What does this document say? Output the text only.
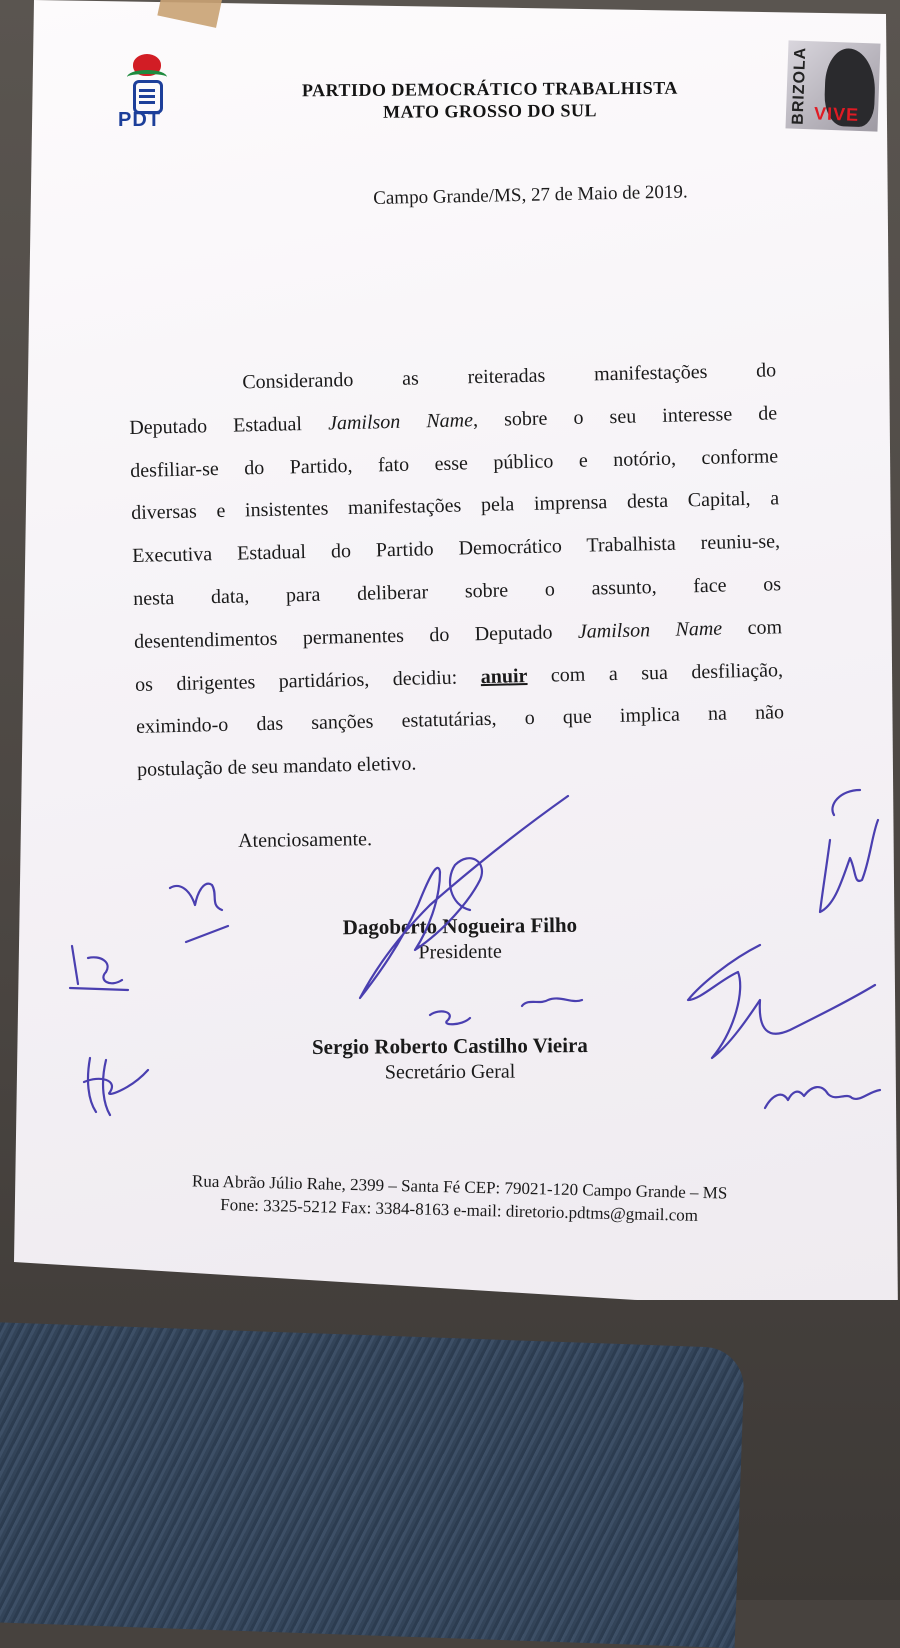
PDT	BRIZOLA VIVE
PARTIDO DEMOCRÁTICO TRABALHISTA
MATO GROSSO DO SUL
Campo Grande/MS, 27 de Maio de 2019.
Considerando as reiteradas manifestações do
Deputado Estadual Jamilson Name, sobre o seu interesse de
desfiliar-se do Partido, fato esse público e notório, conforme
diversas e insistentes manifestações pela imprensa desta Capital, a
Executiva Estadual do Partido Democrático Trabalhista reuniu-se,
nesta data, para deliberar sobre o assunto, face os
desentendimentos permanentes do Deputado Jamilson Name com
os dirigentes partidários, decidiu: anuir com a sua desfiliação,
eximindo-o das sanções estatutárias, o que implica na não
postulação de seu mandato eletivo.
Atenciosamente.
Dagoberto Nogueira Filho
Presidente
Sergio Roberto Castilho Vieira
Secretário Geral
Rua Abrão Júlio Rahe, 2399 – Santa Fé CEP: 79021-120 Campo Grande – MS
Fone: 3325-5212 Fax: 3384-8163 e-mail: diretorio.pdtms@gmail.com
